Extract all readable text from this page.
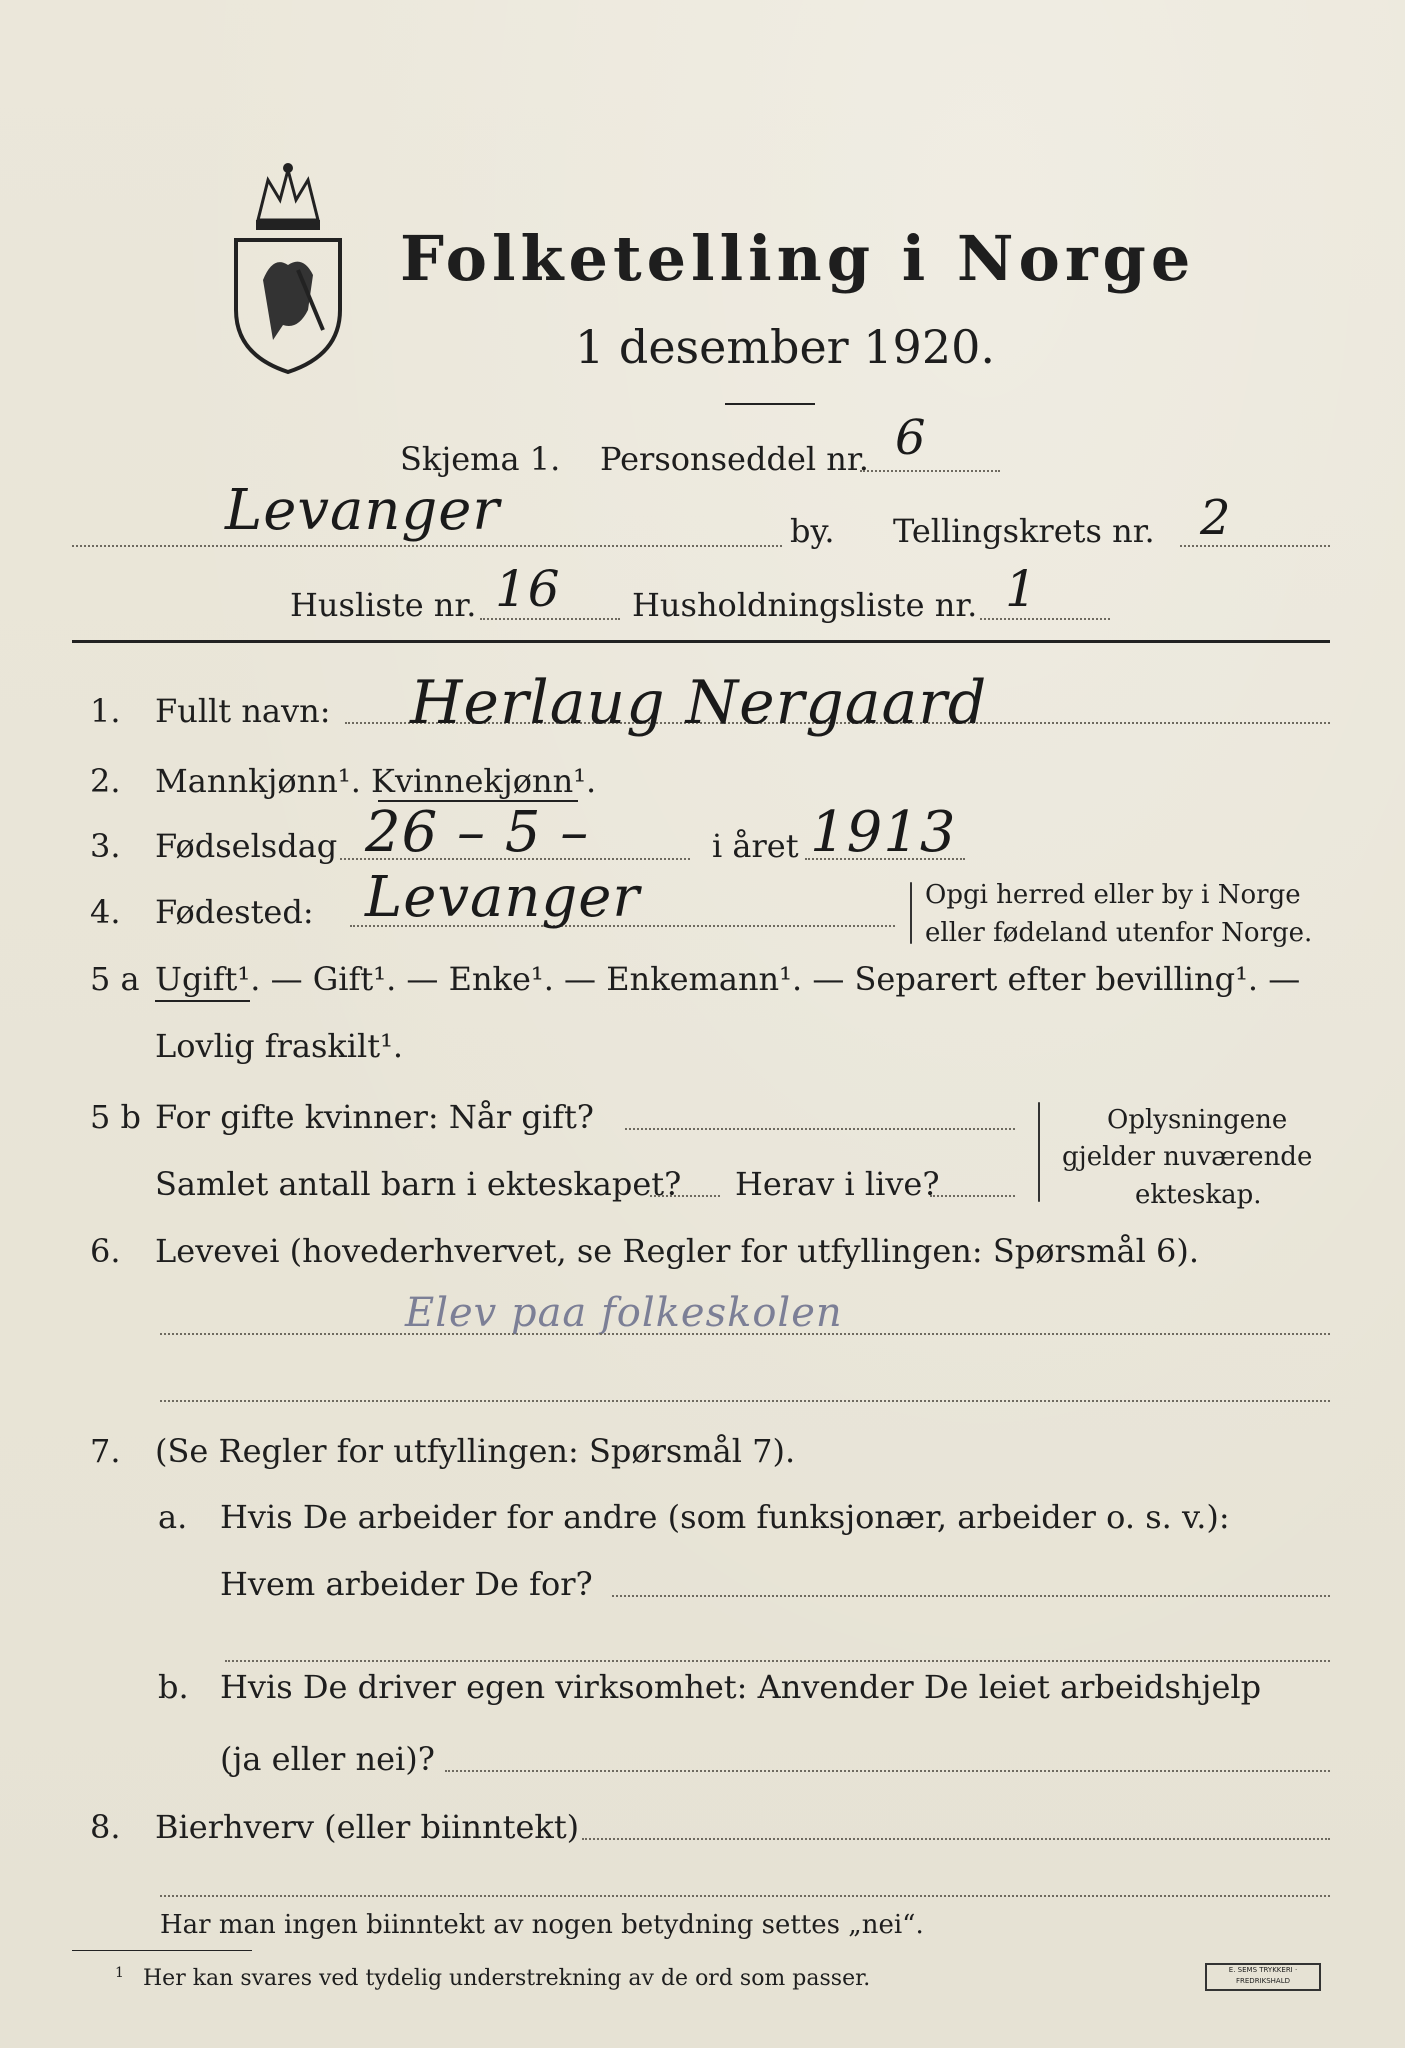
Folketelling i Norge
1 desember 1920.
Skjema 1. Personseddel nr. 6
Levanger	by. Tellingskrets nr. 2
Husliste nr. 16 Husholdningsliste nr. 1
1. Fullt navn: Herlaug Nergaard
2. Mannkjønn¹. Kvinnekjønn¹.
3. Fødselsdag 26 – 5 –	i året 1913
4. Fødested: Levanger	Opgi herred eller by i Norge
eller fødeland utenfor Norge.
5 a Ugift¹. — Gift¹. — Enke¹. — Enkemann¹. — Separert efter bevilling¹. —
Lovlig fraskilt¹.
5 b For gifte kvinner: Når gift?
Samlet antall barn i ekteskapet? Herav i live?
Oplysningene
gjelder nuværende
ekteskap.
6. Levevei (hovederhvervet, se Regler for utfyllingen: Spørsmål 6).
Elev paa folkeskolen
7. (Se Regler for utfyllingen: Spørsmål 7).
a. Hvis De arbeider for andre (som funksjonær, arbeider o. s. v.):
Hvem arbeider De for?
b. Hvis De driver egen virksomhet: Anvender De leiet arbeidshjelp
(ja eller nei)?
8. Bierhverv (eller biinntekt)
Har man ingen biinntekt av nogen betydning settes „nei“.
1 Her kan svares ved tydelig understrekning av de ord som passer.	E. SEMS TRYKKERI · FREDRIKSHALD
